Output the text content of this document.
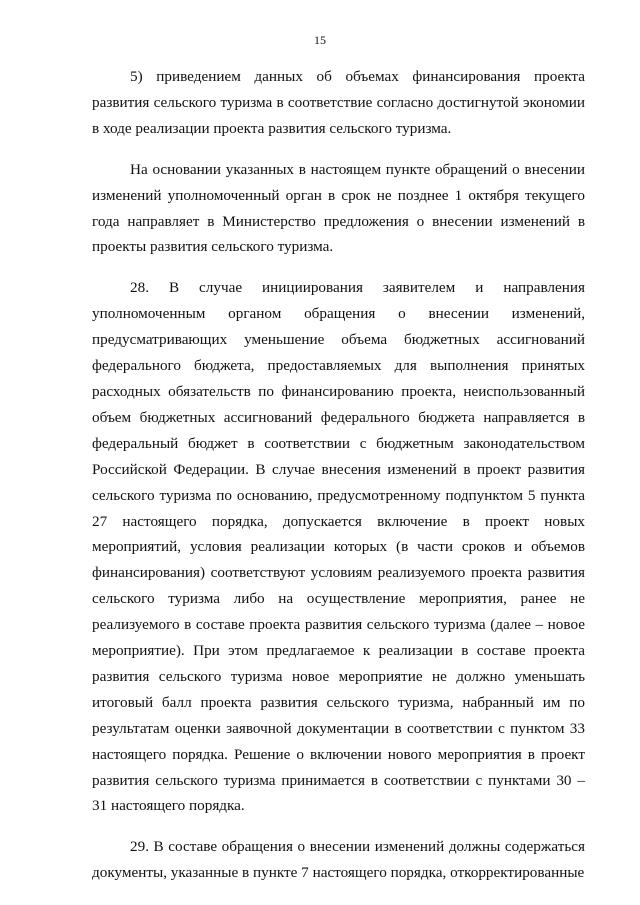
15

5) приведением данных об объемах финансирования проекта развития сельского туризма в соответствие согласно достигнутой экономии в ходе реализации проекта развития сельского туризма.

На основании указанных в настоящем пункте обращений о внесении изменений уполномоченный орган в срок не позднее 1 октября текущего года направляет в Министерство предложения о внесении изменений в проекты развития сельского туризма.

28. В случае инициирования заявителем и направления уполномоченным органом обращения о внесении изменений, предусматривающих уменьшение объема бюджетных ассигнований федерального бюджета, предоставляемых для выполнения принятых расходных обязательств по финансированию проекта, неиспользованный объем бюджетных ассигнований федерального бюджета направляется в федеральный бюджет в соответствии с бюджетным законодательством Российской Федерации. В случае внесения изменений в проект развития сельского туризма по основанию, предусмотренному подпунктом 5 пункта 27 настоящего порядка, допускается включение в проект новых мероприятий, условия реализации которых (в части сроков и объемов финансирования) соответствуют условиям реализуемого проекта развития сельского туризма либо на осуществление мероприятия, ранее не реализуемого в составе проекта развития сельского туризма (далее – новое мероприятие). При этом предлагаемое к реализации в составе проекта развития сельского туризма новое мероприятие не должно уменьшать итоговый балл проекта развития сельского туризма, набранный им по результатам оценки заявочной документации в соответствии с пунктом 33 настоящего порядка. Решение о включении нового мероприятия в проект развития сельского туризма принимается в соответствии с пунктами 30 – 31 настоящего порядка.

29. В составе обращения о внесении изменений должны содержаться документы, указанные в пункте 7 настоящего порядка, откорректированные
